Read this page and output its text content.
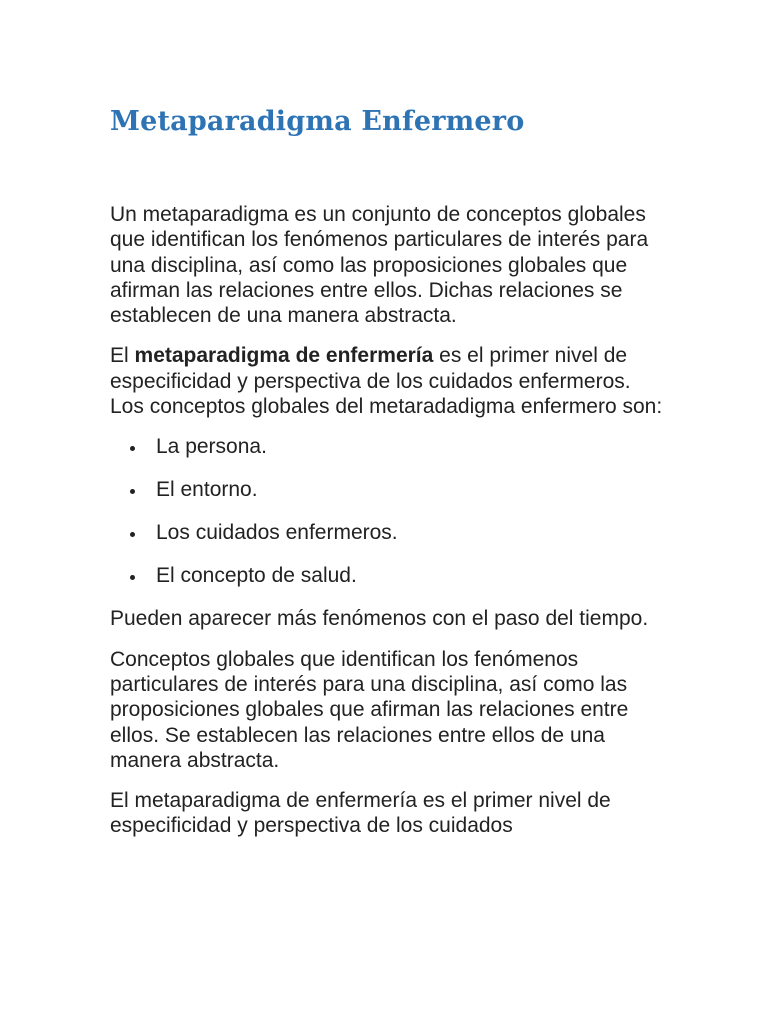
Metaparadigma Enfermero

Un metaparadigma es un conjunto de conceptos globales que identifican los fenómenos particulares de interés para una disciplina, así como las proposiciones globales que afirman las relaciones entre ellos. Dichas relaciones se establecen de una manera abstracta.

El metaparadigma de enfermería es el primer nivel de especificidad y perspectiva de los cuidados enfermeros. Los conceptos globales del metaradadigma enfermero son:

La persona.
El entorno.
Los cuidados enfermeros.
El concepto de salud.

Pueden aparecer más fenómenos con el paso del tiempo.

Conceptos globales que identifican los fenómenos particulares de interés para una disciplina, así como las proposiciones globales que afirman las relaciones entre ellos. Se establecen las relaciones entre ellos de una manera abstracta.

El metaparadigma de enfermería es el primer nivel de especificidad y perspectiva de los cuidados
